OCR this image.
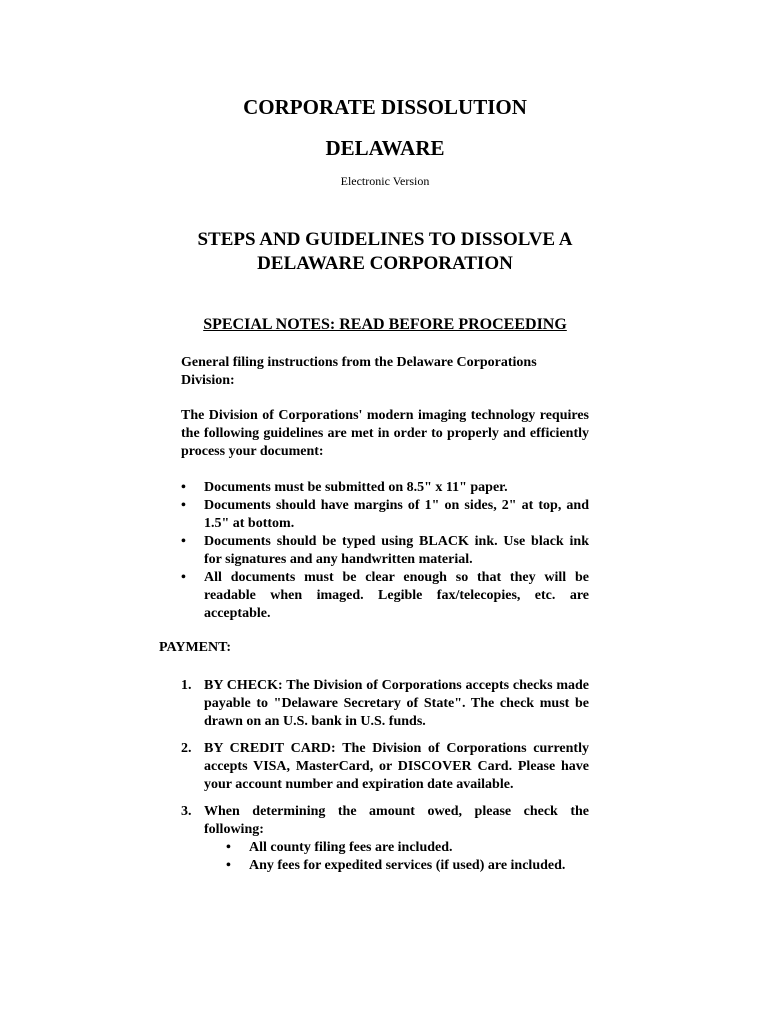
CORPORATE DISSOLUTION
DELAWARE
Electronic Version
STEPS AND GUIDELINES TO DISSOLVE A DELAWARE CORPORATION
SPECIAL NOTES: READ BEFORE PROCEEDING
General filing instructions from the Delaware Corporations Division:
The Division of Corporations' modern imaging technology requires the following guidelines are met in order to properly and efficiently process your document:
•	Documents must be submitted on 8.5" x 11" paper.
•	Documents should have margins of 1" on sides, 2" at top, and 1.5" at bottom.
•	Documents should be typed using BLACK ink. Use black ink for signatures and any handwritten material.
•	All documents must be clear enough so that they will be readable when imaged. Legible fax/telecopies, etc. are acceptable.
PAYMENT:
1. BY CHECK: The Division of Corporations accepts checks made payable to "Delaware Secretary of State". The check must be drawn on an U.S. bank in U.S. funds.
2. BY CREDIT CARD: The Division of Corporations currently accepts VISA, MasterCard, or DISCOVER Card. Please have your account number and expiration date available.
3. When determining the amount owed, please check the following:
• All county filing fees are included.
• Any fees for expedited services (if used) are included.
